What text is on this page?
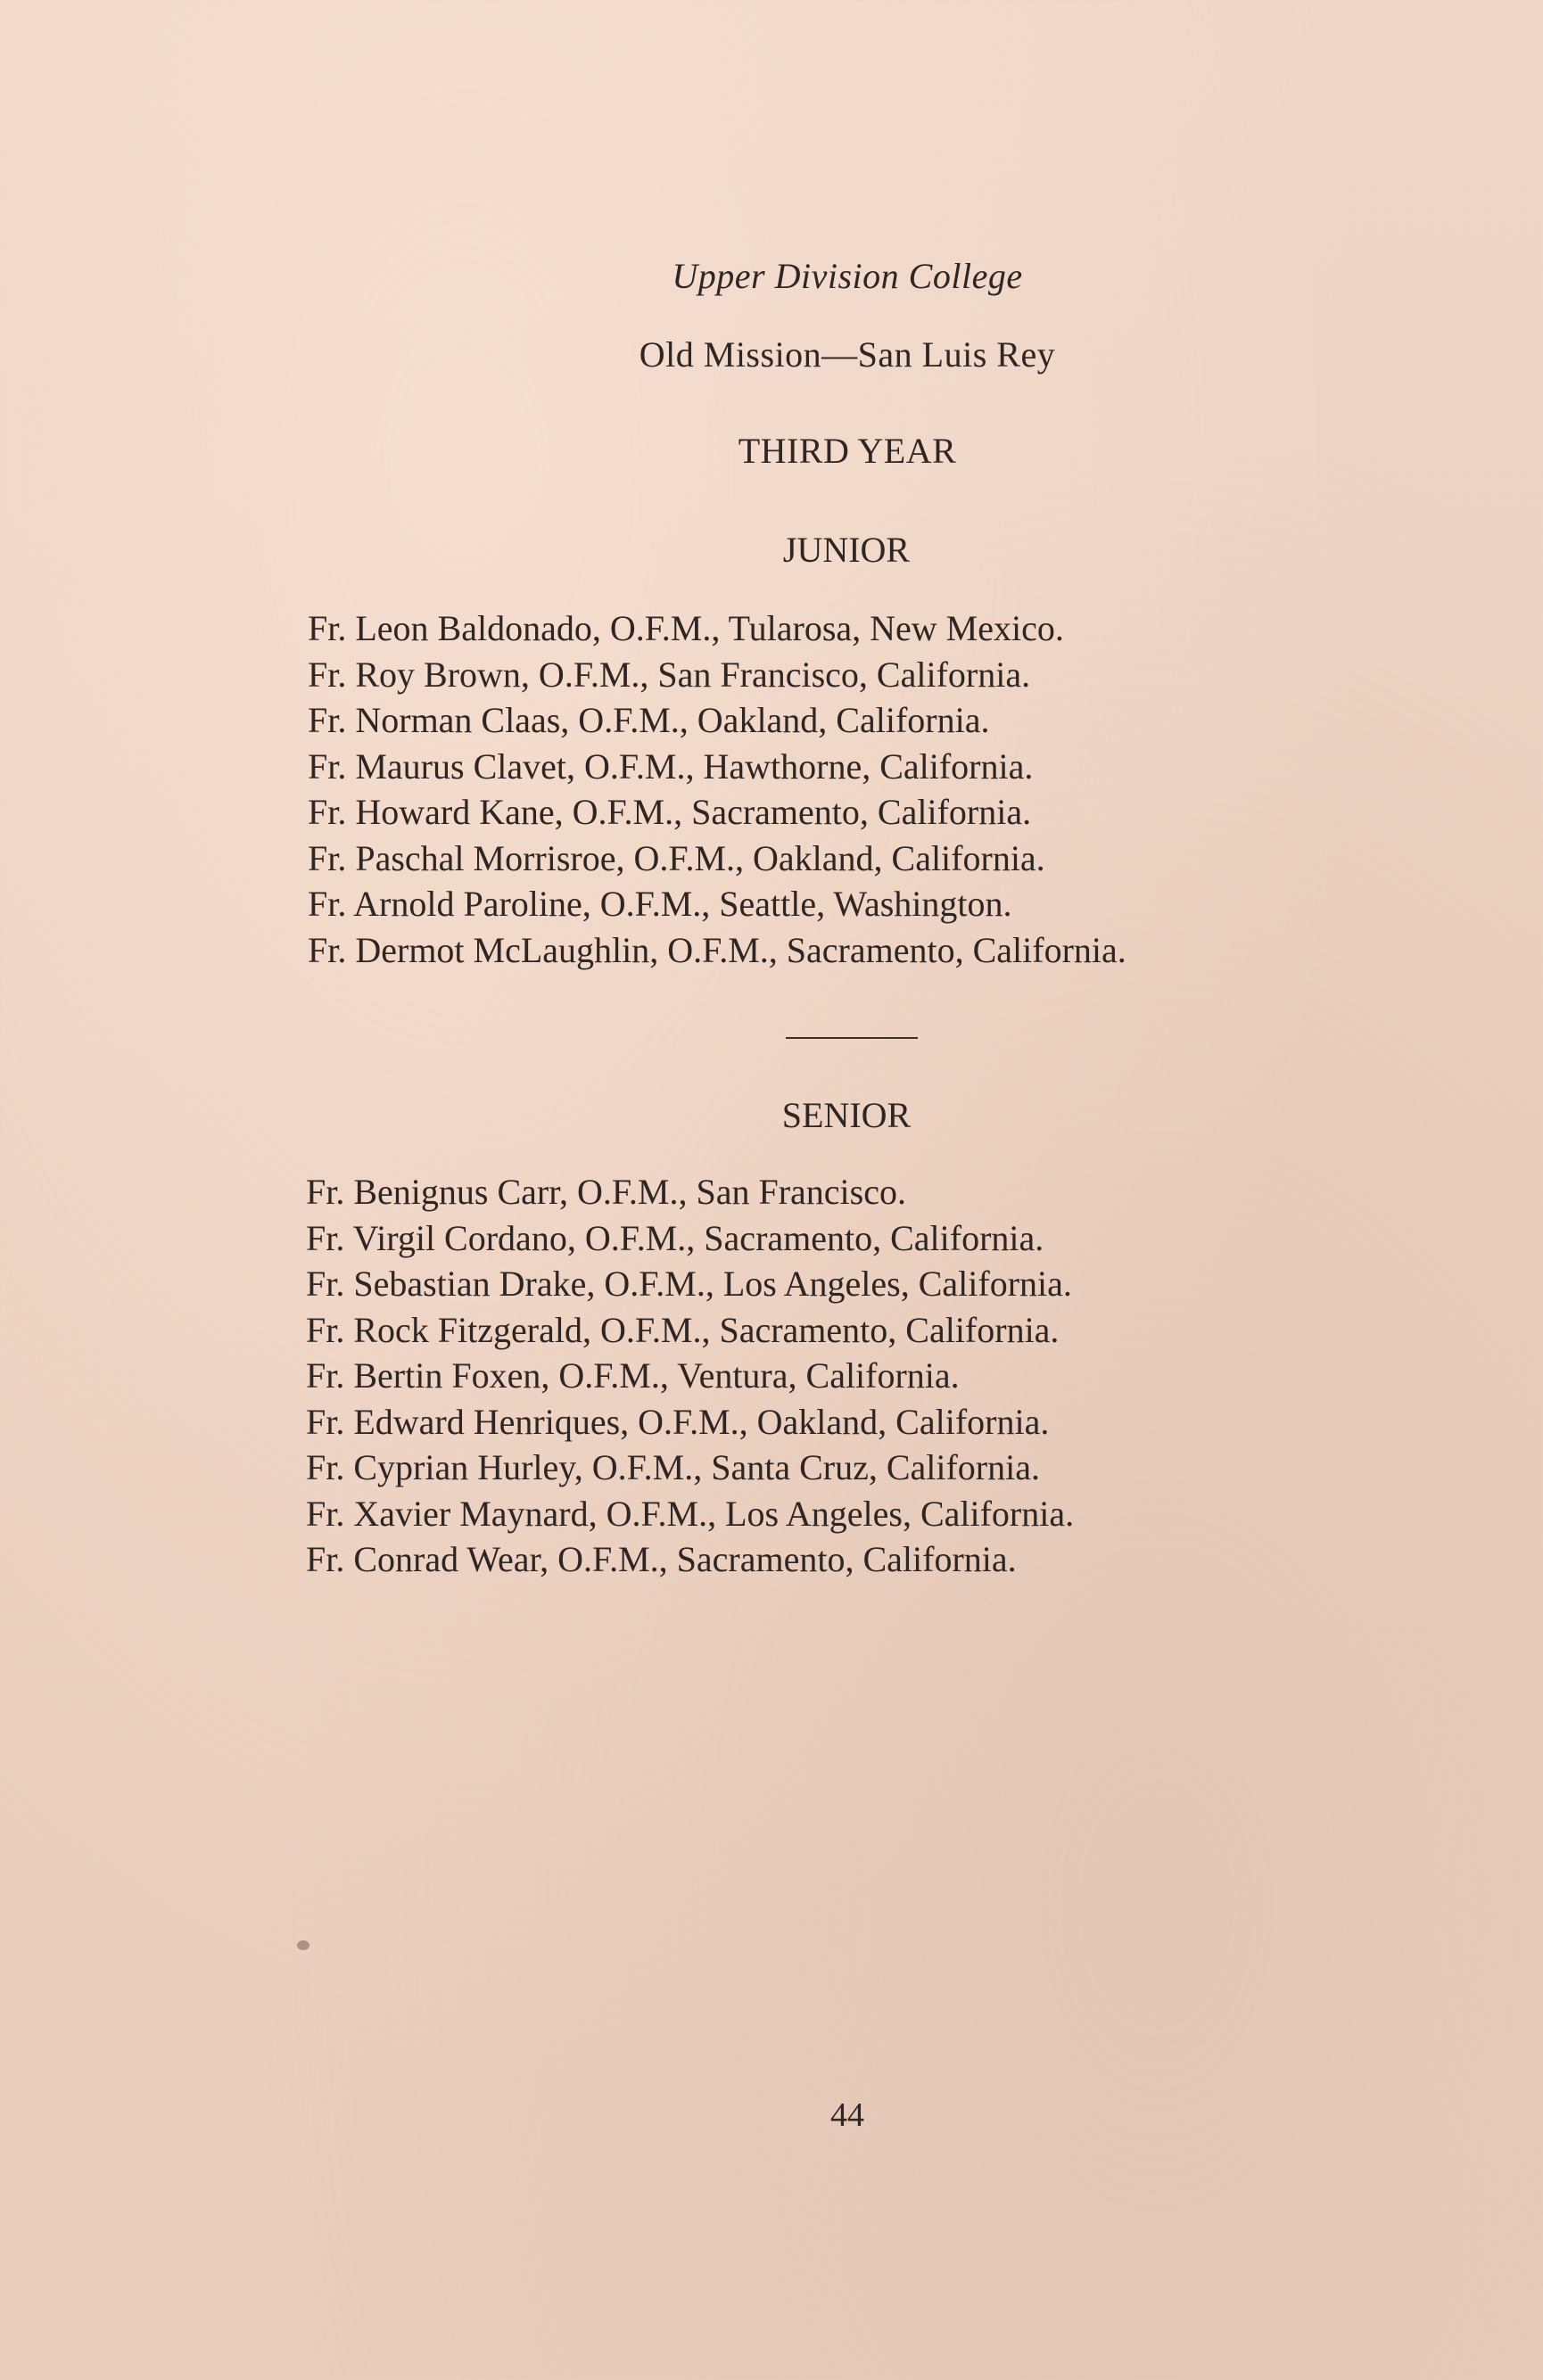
Upper Division College
Old Mission—San Luis Rey
THIRD YEAR
JUNIOR
Fr. Leon Baldonado, O.F.M., Tularosa, New Mexico.
Fr. Roy Brown, O.F.M., San Francisco, California.
Fr. Norman Claas, O.F.M., Oakland, California.
Fr. Maurus Clavet, O.F.M., Hawthorne, California.
Fr. Howard Kane, O.F.M., Sacramento, California.
Fr. Paschal Morrisroe, O.F.M., Oakland, California.
Fr. Arnold Paroline, O.F.M., Seattle, Washington.
Fr. Dermot McLaughlin, O.F.M., Sacramento, California.
SENIOR
Fr. Benignus Carr, O.F.M., San Francisco.
Fr. Virgil Cordano, O.F.M., Sacramento, California.
Fr. Sebastian Drake, O.F.M., Los Angeles, California.
Fr. Rock Fitzgerald, O.F.M., Sacramento, California.
Fr. Bertin Foxen, O.F.M., Ventura, California.
Fr. Edward Henriques, O.F.M., Oakland, California.
Fr. Cyprian Hurley, O.F.M., Santa Cruz, California.
Fr. Xavier Maynard, O.F.M., Los Angeles, California.
Fr. Conrad Wear, O.F.M., Sacramento, California.
44
